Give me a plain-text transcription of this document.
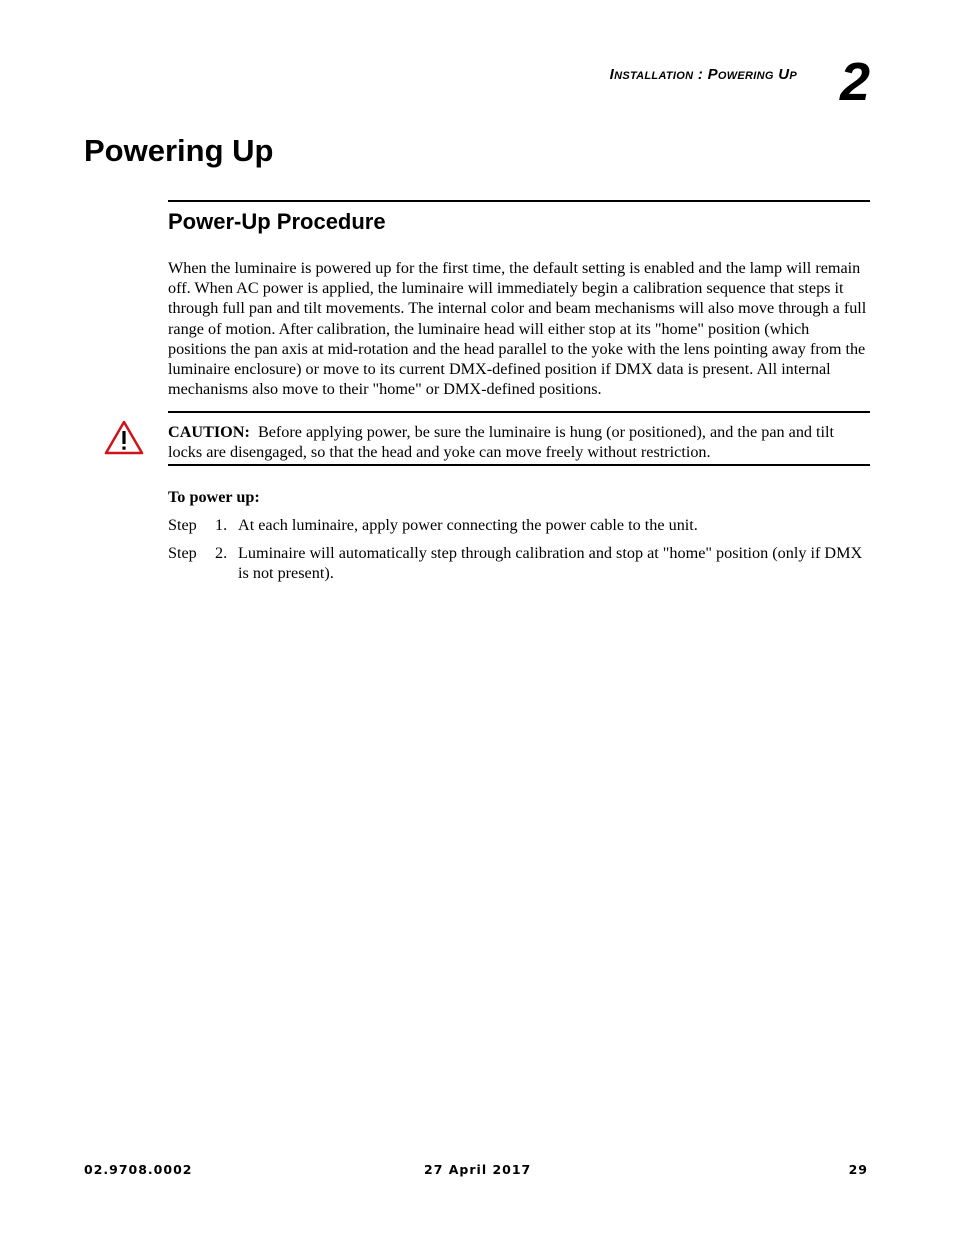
Installation : Powering Up 2
Powering Up
Power-Up Procedure

When the luminaire is powered up for the first time, the default setting is enabled and the lamp will remain off. When AC power is applied, the luminaire will immediately begin a calibration sequence that steps it through full pan and tilt movements. The internal color and beam mechanisms will also move through a full range of motion. After calibration, the luminaire head will either stop at its "home" position (which positions the pan axis at mid-rotation and the head parallel to the yoke with the lens pointing away from the luminaire enclosure) or move to its current DMX-defined position if DMX data is present. All internal mechanisms also move to their "home" or DMX-defined positions.

CAUTION: Before applying power, be sure the luminaire is hung (or positioned), and the pan and tilt locks are disengaged, so that the head and yoke can move freely without restriction.

To power up:

Step 1. At each luminaire, apply power connecting the power cable to the unit.
Step 2. Luminaire will automatically step through calibration and stop at "home" position (only if DMX is not present).
02.9708.0002	27 April 2017	29
